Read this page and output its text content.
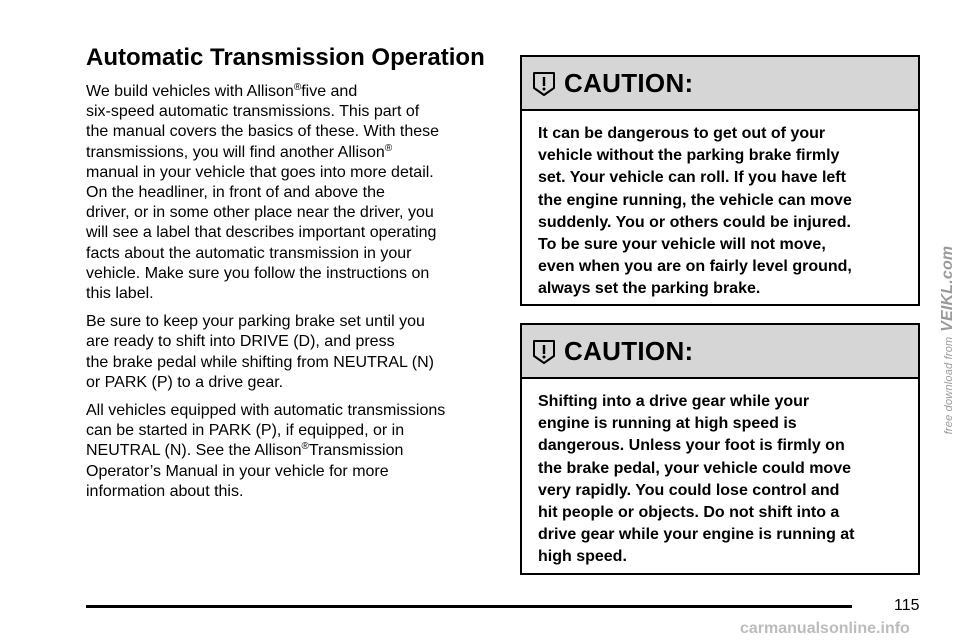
Automatic Transmission Operation

We build vehicles with Allison®five and
six-speed automatic transmissions. This part of
the manual covers the basics of these. With these
transmissions, you will find another Allison®
manual in your vehicle that goes into more detail.
On the headliner, in front of and above the
driver, or in some other place near the driver, you
will see a label that describes important operating
facts about the automatic transmission in your
vehicle. Make sure you follow the instructions on
this label.

Be sure to keep your parking brake set until you
are ready to shift into DRIVE (D), and press
the brake pedal while shifting from NEUTRAL (N)
or PARK (P) to a drive gear.

All vehicles equipped with automatic transmissions
can be started in PARK (P), if equipped, or in
NEUTRAL (N). See the Allison®Transmission
Operator’s Manual in your vehicle for more
information about this.

CAUTION:
It can be dangerous to get out of your
vehicle without the parking brake firmly
set. Your vehicle can roll. If you have left
the engine running, the vehicle can move
suddenly. You or others could be injured.
To be sure your vehicle will not move,
even when you are on fairly level ground,
always set the parking brake.
CAUTION:
Shifting into a drive gear while your
engine is running at high speed is
dangerous. Unless your foot is firmly on
the brake pedal, your vehicle could move
very rapidly. You could lose control and
hit people or objects. Do not shift into a
drive gear while your engine is running at
high speed.
115
free download from VEIKL.com
carmanualsonline.info
